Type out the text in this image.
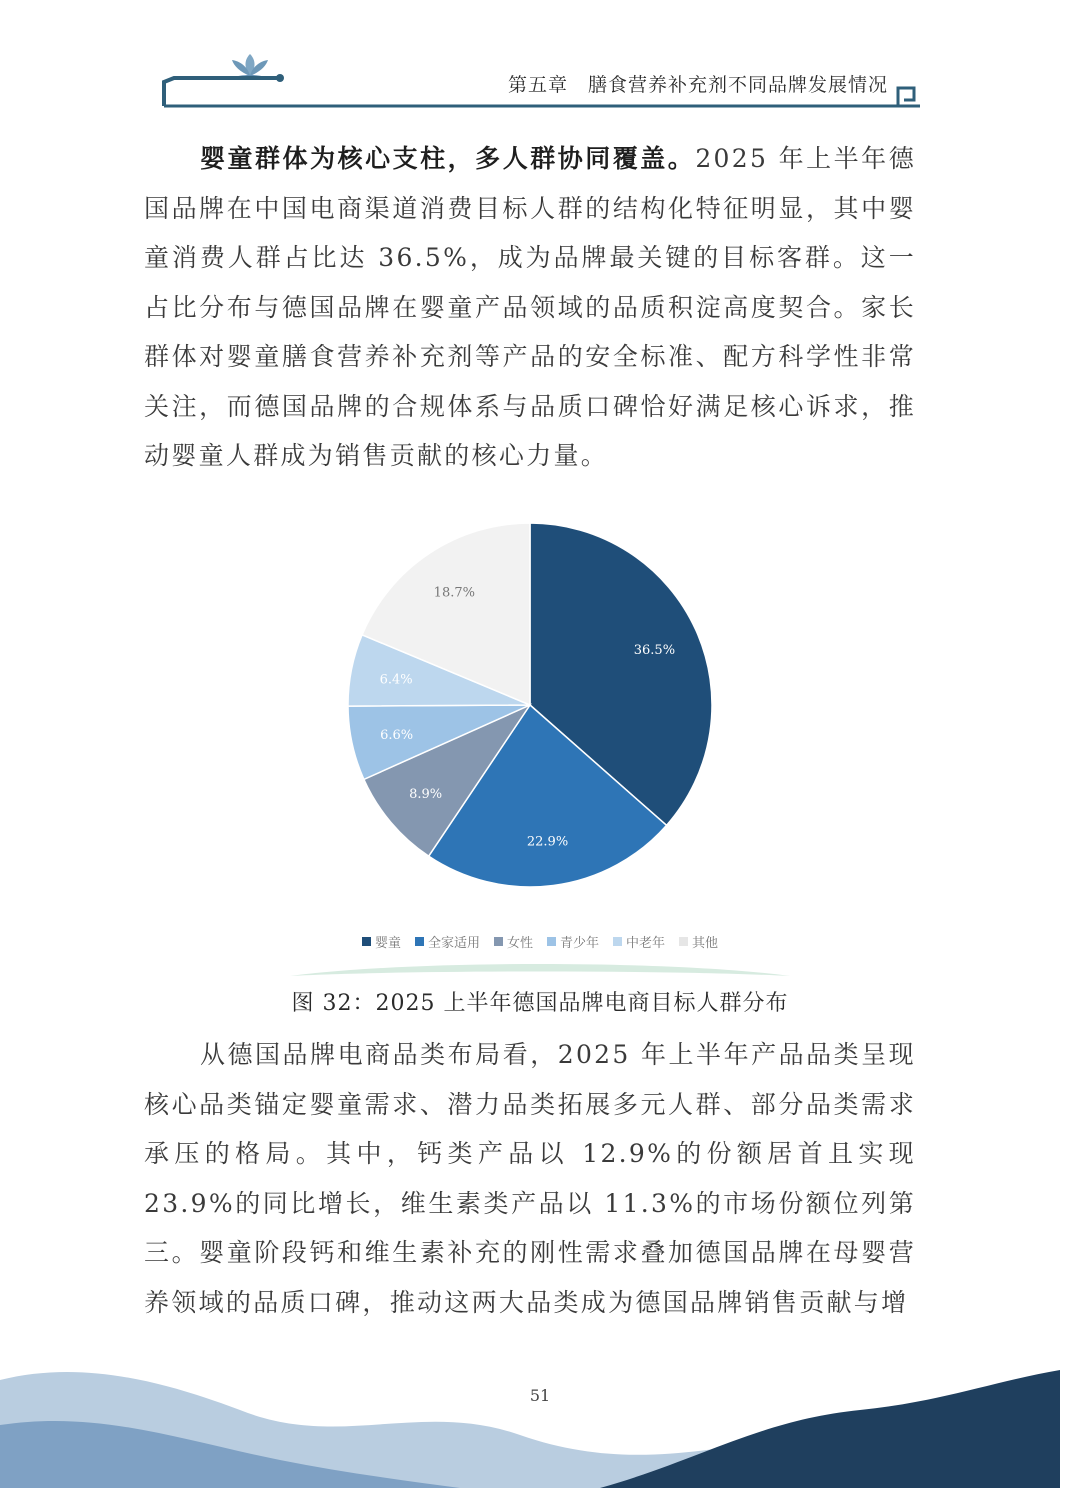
第五章　膳食营养补充剂不同品牌发展情况

婴童群体为核心支柱，多人群协同覆盖。2025 年上半年德国品牌在中国电商渠道消费目标人群的结构化特征明显，其中婴童消费人群占比达 36.5%，成为品牌最关键的目标客群。这一占比分布与德国品牌在婴童产品领域的品质积淀高度契合。家长群体对婴童膳食营养补充剂等产品的安全标准、配方科学性非常关注，而德国品牌的合规体系与品质口碑恰好满足核心诉求，推动婴童人群成为销售贡献的核心力量。

36.5%
22.9%
8.9%
6.6%
6.4%
18.7%
婴童 全家适用 女性 青少年 中老年 其他
图 32：2025 上半年德国品牌电商目标人群分布

从德国品牌电商品类布局看，2025 年上半年产品品类呈现核心品类锚定婴童需求、潜力品类拓展多元人群、部分品类需求承压的格局。其中，钙类产品以 12.9%的份额居首且实现 23.9%的同比增长，维生素类产品以 11.3%的市场份额位列第三。婴童阶段钙和维生素补充的刚性需求叠加德国品牌在母婴营养领域的品质口碑，推动这两大品类成为德国品牌销售贡献与增

51
